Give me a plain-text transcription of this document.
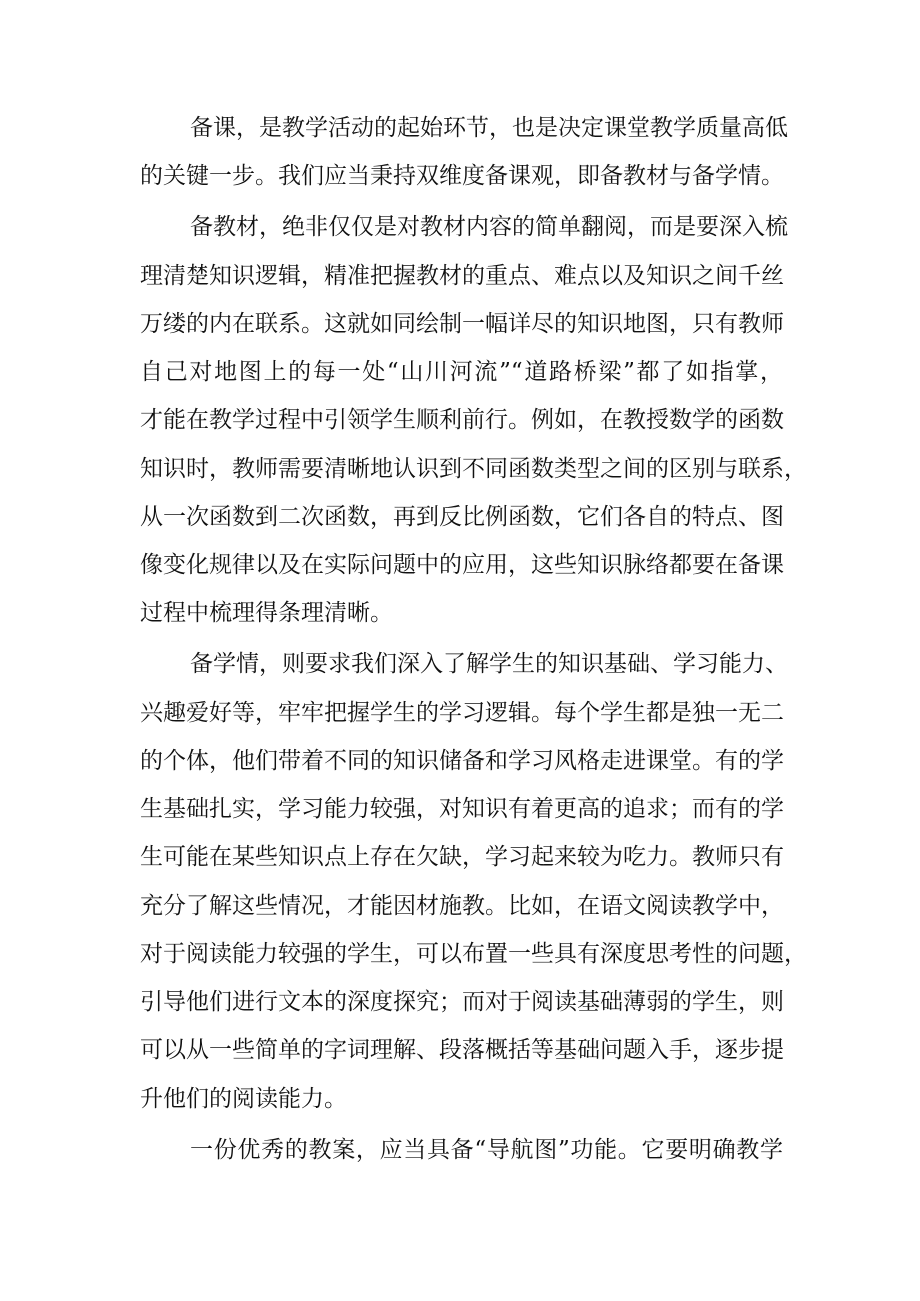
备课，是教学活动的起始环节，也是决定课堂教学质量高低

的关键一步。我们应当秉持双维度备课观，即备教材与备学情。

备教材，绝非仅仅是对教材内容的简单翻阅，而是要深入梳

理清楚知识逻辑，精准把握教材的重点、难点以及知识之间千丝

万缕的内在联系。这就如同绘制一幅详尽的知识地图，只有教师

自己对地图上的每一处“山川河流”“道路桥梁”都了如指掌，

才能在教学过程中引领学生顺利前行。例如，在教授数学的函数

知识时，教师需要清晰地认识到不同函数类型之间的区别与联系，

从一次函数到二次函数，再到反比例函数，它们各自的特点、图

像变化规律以及在实际问题中的应用，这些知识脉络都要在备课

过程中梳理得条理清晰。

备学情，则要求我们深入了解学生的知识基础、学习能力、

兴趣爱好等，牢牢把握学生的学习逻辑。每个学生都是独一无二

的个体，他们带着不同的知识储备和学习风格走进课堂。有的学

生基础扎实，学习能力较强，对知识有着更高的追求；而有的学

生可能在某些知识点上存在欠缺，学习起来较为吃力。教师只有

充分了解这些情况，才能因材施教。比如，在语文阅读教学中，

对于阅读能力较强的学生，可以布置一些具有深度思考性的问题，

引导他们进行文本的深度探究；而对于阅读基础薄弱的学生，则

可以从一些简单的字词理解、段落概括等基础问题入手，逐步提

升他们的阅读能力。

一份优秀的教案，应当具备“导航图”功能。它要明确教学
